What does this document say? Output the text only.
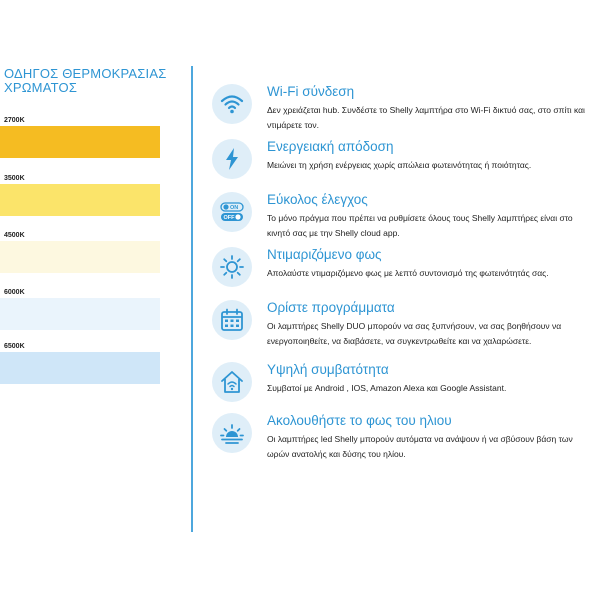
ΟΔΗΓΟΣ ΘΕΡΜΟΚΡΑΣΙΑΣ
ΧΡΩΜΑΤΟΣ
2700K
3500K
4500K
6000K
6500K
Wi-Fi σύνδεση
Δεν χρειάζεται hub. Συνδέστε το Shelly λαμπτήρα στο Wi-Fi δικτυό σας, στο σπίτι και ντιμάρετε τον.
Ενεργειακή απόδοση
Μειώνει τη χρήση ενέργειας χωρίς απώλεια φωτεινότητας ή ποιότητας.
ON
OFF
Εύκολος έλεγχος
Το μόνο πράγμα που πρέπει να ρυθμίσετε όλους τους Shelly λαμπτήρες είναι στο κινητό σας με την Shelly cloud app.
Ντιμαριζόμενο φως
Απολαύστε ντιμαριζόμενο φως με λεπτό συντονισμό της φωτεινότητάς σας.
Ορίστε προγράμματα
Οι λαμπτήρες Shelly DUO μπορούν να σας ξυπνήσουν, να σας βοηθήσουν να ενεργοποιηθείτε, να διαβάσετε, να συγκεντρωθείτε και να χαλαρώσετε.
Υψηλή συμβατότητα
Συμβατοί με Android , IOS, Amazon Alexa και Google Assistant.
Ακολουθήστε το φως του ηλιου
Οι λαμπτήρες led Shelly μπορούν αυτόματα να ανάψουν ή να σβύσουν βάση των ωρών ανατολής και δύσης του ηλίου.
